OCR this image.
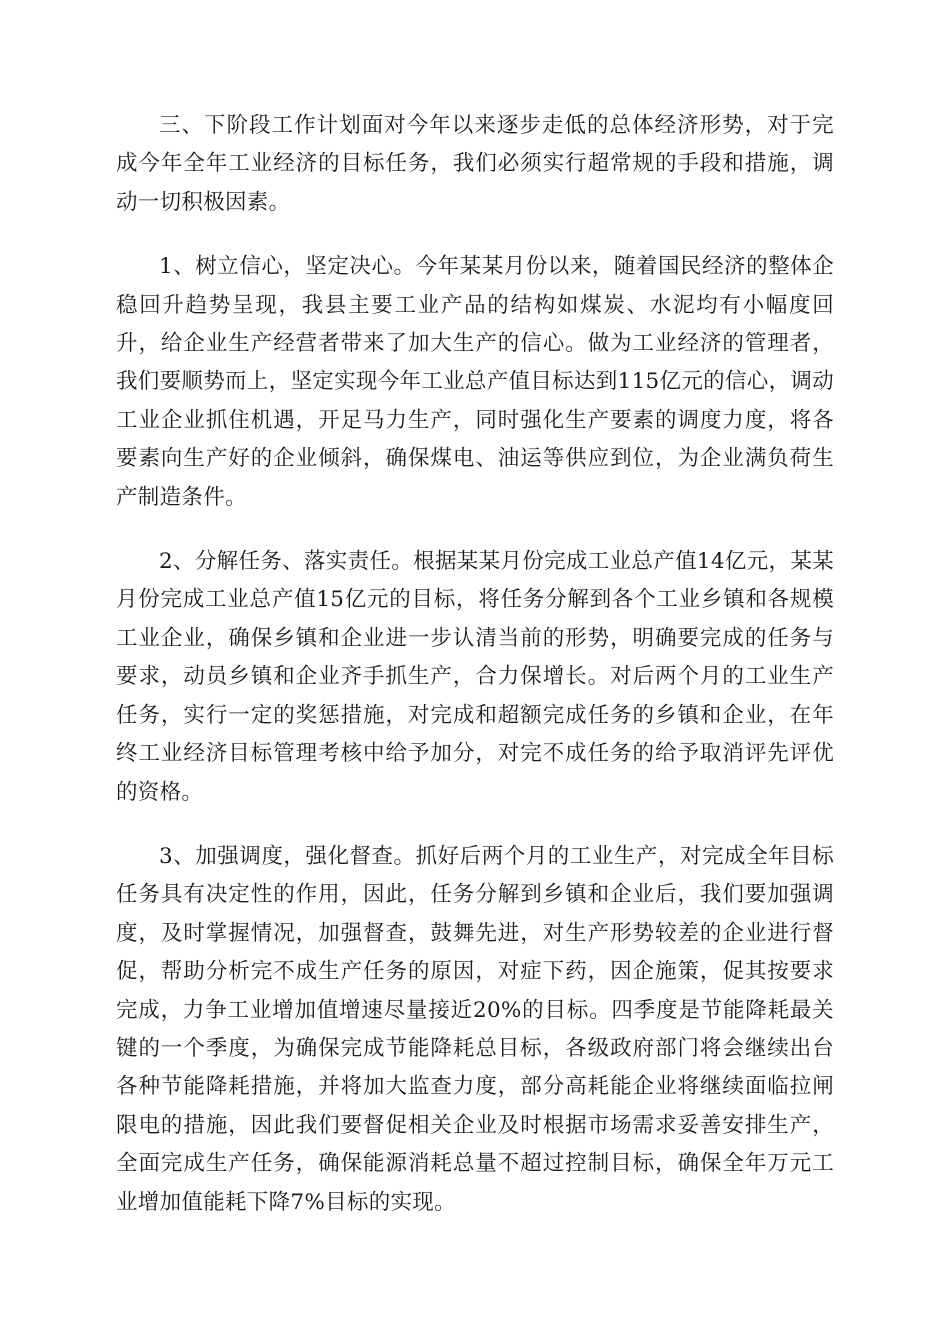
三、下阶段工作计划面对今年以来逐步走低的总体经济形势，对于完成今年全年工业经济的目标任务，我们必须实行超常规的手段和措施，调动一切积极因素。

1、树立信心，坚定决心。今年某某月份以来，随着国民经济的整体企稳回升趋势呈现，我县主要工业产品的结构如煤炭、水泥均有小幅度回升，给企业生产经营者带来了加大生产的信心。做为工业经济的管理者，我们要顺势而上，坚定实现今年工业总产值目标达到115亿元的信心，调动工业企业抓住机遇，开足马力生产，同时强化生产要素的调度力度，将各要素向生产好的企业倾斜，确保煤电、油运等供应到位，为企业满负荷生产制造条件。

2、分解任务、落实责任。根据某某月份完成工业总产值14亿元，某某月份完成工业总产值15亿元的目标，将任务分解到各个工业乡镇和各规模工业企业，确保乡镇和企业进一步认清当前的形势，明确要完成的任务与要求，动员乡镇和企业齐手抓生产，合力保增长。对后两个月的工业生产任务，实行一定的奖惩措施，对完成和超额完成任务的乡镇和企业，在年终工业经济目标管理考核中给予加分，对完不成任务的给予取消评先评优的资格。

3、加强调度，强化督查。抓好后两个月的工业生产，对完成全年目标任务具有决定性的作用，因此，任务分解到乡镇和企业后，我们要加强调度，及时掌握情况，加强督查，鼓舞先进，对生产形势较差的企业进行督促，帮助分析完不成生产任务的原因，对症下药，因企施策，促其按要求完成，力争工业增加值增速尽量接近20%的目标。四季度是节能降耗最关键的一个季度，为确保完成节能降耗总目标，各级政府部门将会继续出台各种节能降耗措施，并将加大监查力度，部分高耗能企业将继续面临拉闸限电的措施，因此我们要督促相关企业及时根据市场需求妥善安排生产，全面完成生产任务，确保能源消耗总量不超过控制目标，确保全年万元工业增加值能耗下降7%目标的实现。
